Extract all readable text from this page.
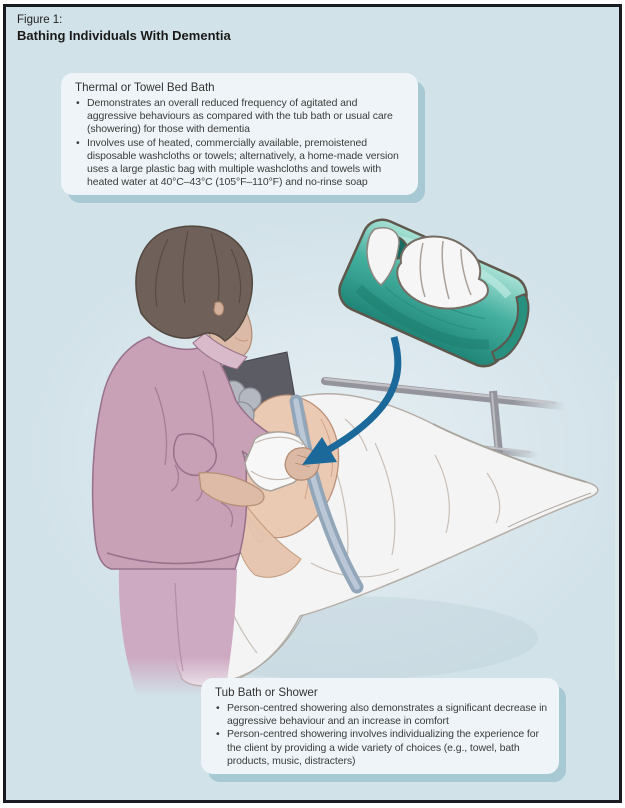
Figure 1:
Bathing Individuals With Dementia
Thermal or Towel Bed Bath
• Demonstrates an overall reduced frequency of agitated and aggressive behaviours as compared with the tub bath or usual care (showering) for those with dementia
• Involves use of heated, commercially available, premoistened disposable washcloths or towels; alternatively, a home-made version uses a large plastic bag with multiple washcloths and towels with heated water at 40°C–43°C (105°F–110°F) and no-rinse soap
Tub Bath or Shower
• Person-centred showering also demonstrates a significant decrease in aggressive behaviour and an increase in comfort
• Person-centred showering involves individualizing the experience for the client by providing a wide variety of choices (e.g., towel, bath products, music, distracters)
